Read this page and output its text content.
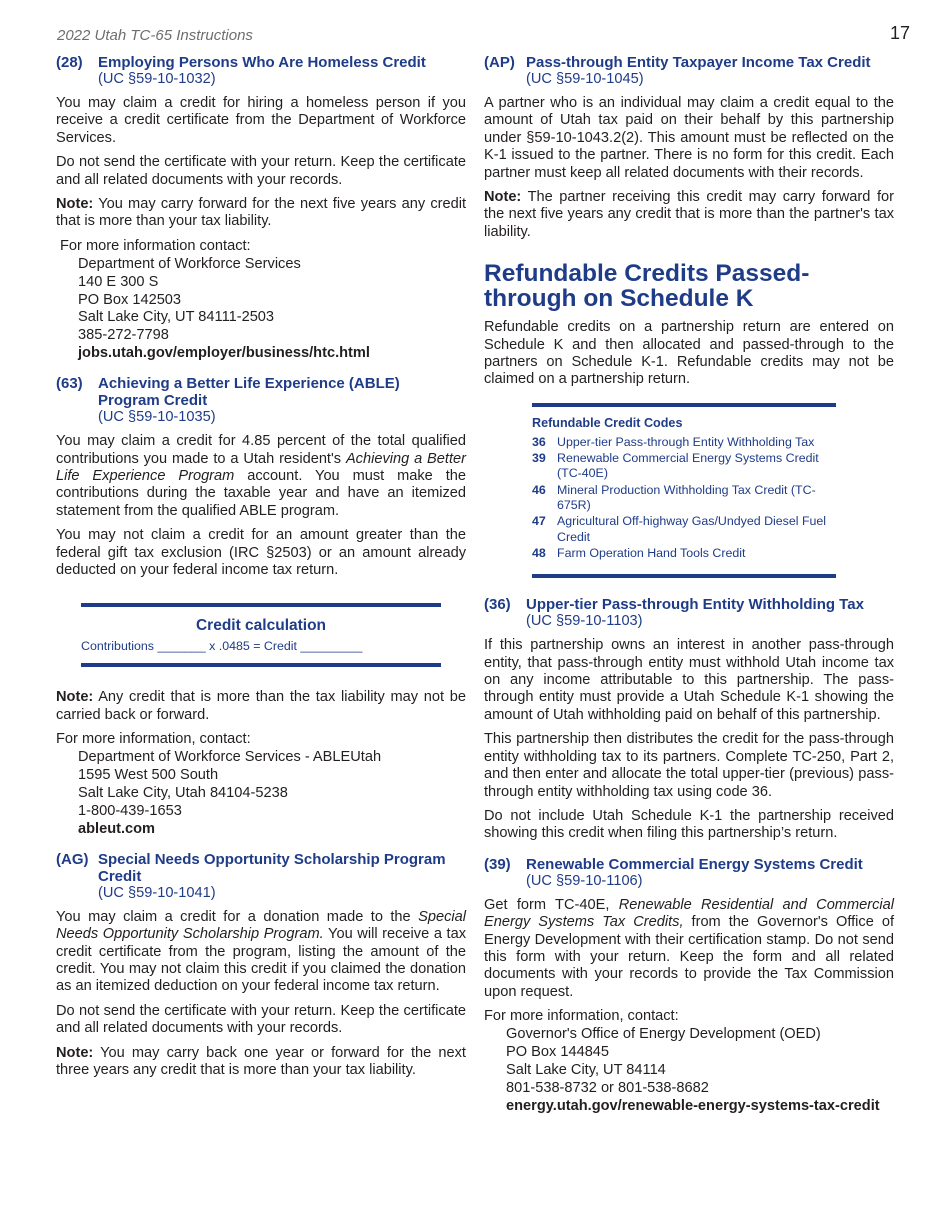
2022 Utah TC-65 Instructions	17
(28)	Employing Persons Who Are Homeless Credit
(UC §59-10-1032)

You may claim a credit for hiring a homeless person if you receive a credit certificate from the Department of Workforce Services.

Do not send the certificate with your return. Keep the certificate and all related documents with your records.

Note: You may carry forward for the next five years any credit that is more than your tax liability.

For more information contact:
Department of Workforce Services
140 E 300 S
PO Box 142503
Salt Lake City, UT 84111-2503
385-272-7798
jobs.utah.gov/employer/business/htc.html
(63)	Achieving a Better Life Experience (ABLE)
Program Credit
(UC §59-10-1035)

You may claim a credit for 4.85 percent of the total qualified contributions you made to a Utah resident's Achieving a Better Life Experience Program account. You must make the contributions during the taxable year and have an itemized statement from the qualified ABLE program.

You may not claim a credit for an amount greater than the federal gift tax exclusion (IRC §2503) or an amount already deducted on your federal income tax return.

Credit calculation
Contributions _______ x .0485 = Credit _________

Note: Any credit that is more than the tax liability may not be carried back or forward.

For more information, contact:
Department of Workforce Services - ABLEUtah
1595 West 500 South
Salt Lake City, Utah 84104-5238
1-800-439-1653
ableut.com
(AG) Special Needs Opportunity Scholarship Program
Credit
(UC §59-10-1041)

You may claim a credit for a donation made to the Special Needs Opportunity Scholarship Program. You will receive a tax credit certificate from the program, listing the amount of the credit. You may not claim this credit if you claimed the donation as an itemized deduction on your federal income tax return.

Do not send the certificate with your return. Keep the certificate and all related documents with your records.

Note: You may carry back one year or forward for the next three years any credit that is more than your tax liability.

(AP) Pass-through Entity Taxpayer Income Tax Credit
(UC §59-10-1045)

A partner who is an individual may claim a credit equal to the amount of Utah tax paid on their behalf by this partnership under §59-10-1043.2(2). This amount must be reflected on the K-1 issued to the partner. There is no form for this credit. Each partner must keep all related documents with their records.

Note: The partner receiving this credit may carry forward for the next five years any credit that is more than the partner's tax liability.

Refundable Credits Passed-through on Schedule K

Refundable credits on a partnership return are entered on Schedule K and then allocated and passed-through to the partners on Schedule K-1. Refundable credits may not be claimed on a partnership return.

Refundable Credit Codes
36 Upper-tier Pass-through Entity Withholding Tax
39 Renewable Commercial Energy Systems Credit (TC-40E)
46 Mineral Production Withholding Tax Credit (TC-675R)
47 Agricultural Off-highway Gas/Undyed Diesel Fuel Credit
48 Farm Operation Hand Tools Credit
(36)	Upper-tier Pass-through Entity Withholding Tax
(UC §59-10-1103)

If this partnership owns an interest in another pass-through entity, that pass-through entity must withhold Utah income tax on any income attributable to this partnership. The pass-through entity must provide a Utah Schedule K-1 showing the amount of Utah withholding paid on behalf of this partnership.

This partnership then distributes the credit for the pass-through entity withholding tax to its partners. Complete TC-250, Part 2, and then enter and allocate the total upper-tier (previous) pass-through entity withholding tax using code 36.

Do not include Utah Schedule K-1 the partnership received showing this credit when filing this partnership’s return.

(39)	Renewable Commercial Energy Systems Credit
(UC §59-10-1106)

Get form TC-40E, Renewable Residential and Commercial Energy Systems Tax Credits, from the Governor's Office of Energy Development with their certification stamp. Do not send this form with your return. Keep the form and all related documents with your records to provide the Tax Commission upon request.

For more information, contact:
Governor's Office of Energy Development (OED)
PO Box 144845
Salt Lake City, UT 84114
801-538-8732 or 801-538-8682
energy.utah.gov/renewable-energy-systems-tax-credit
